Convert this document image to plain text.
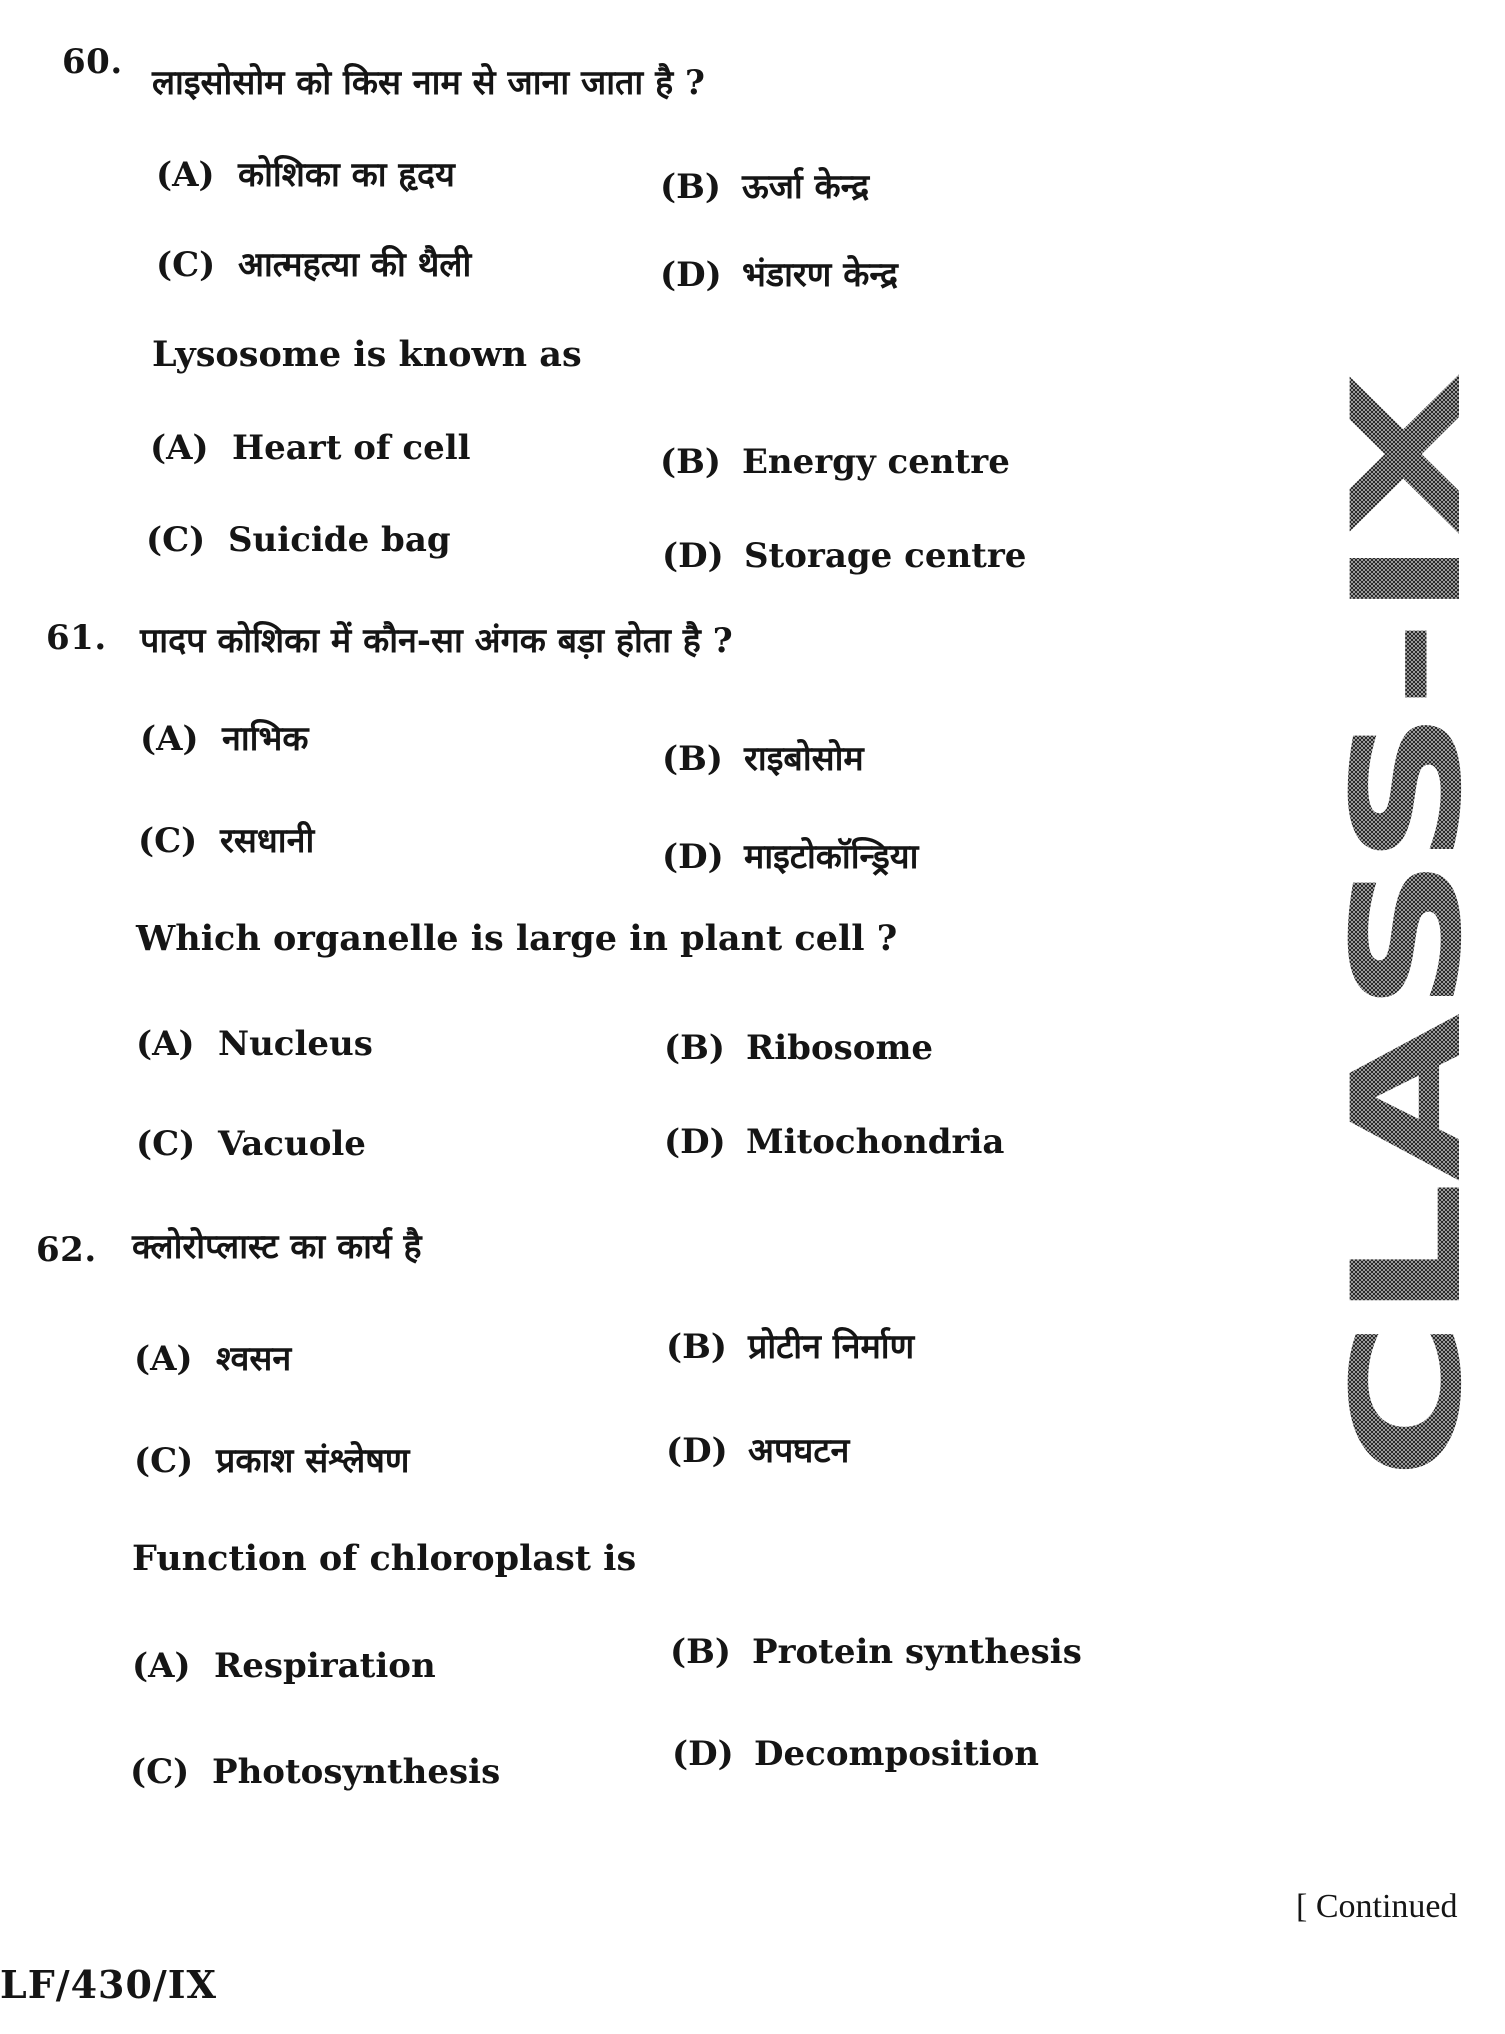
60.
लाइसोसोम को किस नाम से जाना जाता है ?
(A) कोशिका का हृदय	(B) ऊर्जा केन्द्र
(C) आत्महत्या की थैली	(D) भंडारण केन्द्र
Lysosome is known as
(A) Heart of cell	(B) Energy centre
(C) Suicide bag	(D) Storage centre
61. पादप कोशिका में कौन-सा अंगक बड़ा होता है ?
(A) नाभिक	(B) राइबोसोम
(C) रसधानी	(D) माइटोकॉन्ड्रिया
Which organelle is large in plant cell ?
(A) Nucleus	(B) Ribosome
(C) Vacuole	(D) Mitochondria
62. क्लोरोप्लास्ट का कार्य है
(A) श्वसन	(B) प्रोटीन निर्माण
(C) प्रकाश संश्लेषण	(D) अपघटन
Function of chloroplast is
(A) Respiration	(B) Protein synthesis
(C) Photosynthesis	(D) Decomposition
CLASS-IX
[ Continued
LF/430/IX
